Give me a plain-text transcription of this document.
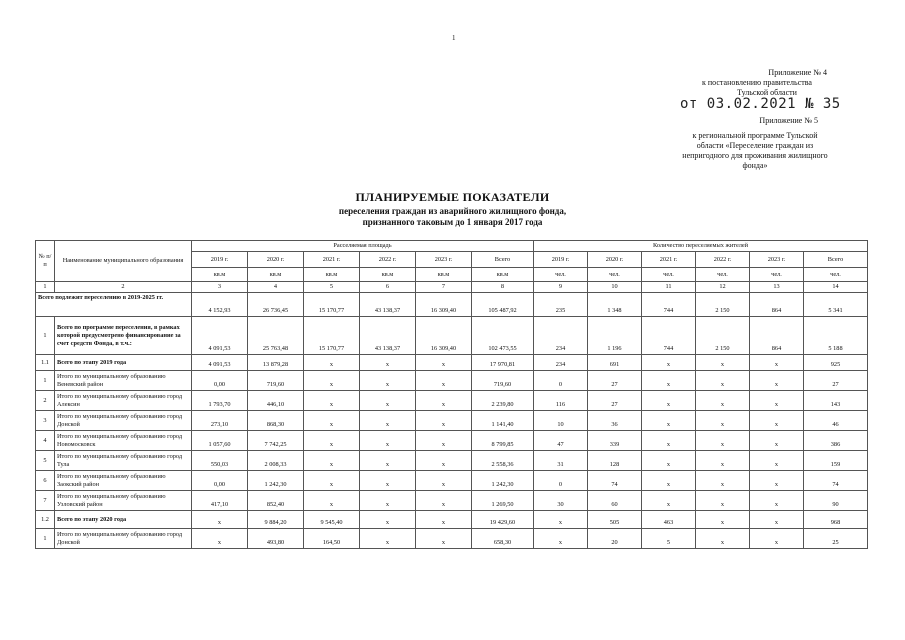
1
Приложение № 4
к постановлению правительства
Тульской области
от 03.02.2021 № 35
Приложение № 5
к региональной программе Тульской области «Переселение граждан из непригодного для проживания жилищного фонда»
ПЛАНИРУЕМЫЕ ПОКАЗАТЕЛИ
переселения граждан из аварийного жилищного фонда,
признанного таковым до 1 января 2017 года
№ п/п	Наименование муниципального образования	Расселяемая площадь						Количество переселяемых жителей					
		2019 г.	2020 г.	2021 г.	2022 г.	2023 г.	Всего	2019 г.	2020 г.	2021 г.	2022 г.	2023 г.	Всего
		кв.м	кв.м	кв.м	кв.м	кв.м	кв.м	чел.	чел.	чел.	чел.	чел.	чел.
1	2	3	4	5	6	7	8	9	10	11	12	13	14
Всего подлежит переселению в 2019-2025 гг.		4 152,93	26 736,45	15 170,77	43 138,37	16 309,40	105 487,92	235	1 348	744	2 150	864	5 341
1	Всего по программе переселения, в рамках которой предусмотрено финансирование за счет средств Фонда, в т.ч.:	4 091,53	25 763,48	15 170,77	43 138,37	16 309,40	102 473,55	234	1 196	744	2 150	864	5 188
1.1	Всего по этапу 2019 года	4 091,53	13 879,28	х	х	х	17 970,81	234	691	х	х	х	925
1	Итого по муниципальному образованию Веневский район	0,00	719,60	х	х	х	719,60	0	27	х	х	х	27
2	Итого по муниципальному образованию город Алексин	1 793,70	446,10	х	х	х	2 239,80	116	27	х	х	х	143
3	Итого по муниципальному образованию город Донской	273,10	868,30	х	х	х	1 141,40	10	36	х	х	х	46
4	Итого по муниципальному образованию город Новомосковск	1 057,60	7 742,25	х	х	х	8 799,85	47	339	х	х	х	386
5	Итого по муниципальному образованию город Тула	550,03	2 008,33	х	х	х	2 558,36	31	128	х	х	х	159
6	Итого по муниципальному образованию Заокский район	0,00	1 242,30	х	х	х	1 242,30	0	74	х	х	х	74
7	Итого по муниципальному образованию Узловский район	417,10	852,40	х	х	х	1 269,50	30	60	х	х	х	90
1.2	Всего по этапу 2020 года	х	9 884,20	9 545,40	х	х	19 429,60	х	505	463	х	х	968
1	Итого по муниципальному образованию город Донской	х	493,80	164,50	х	х	658,30	х	20	5	х	х	25
